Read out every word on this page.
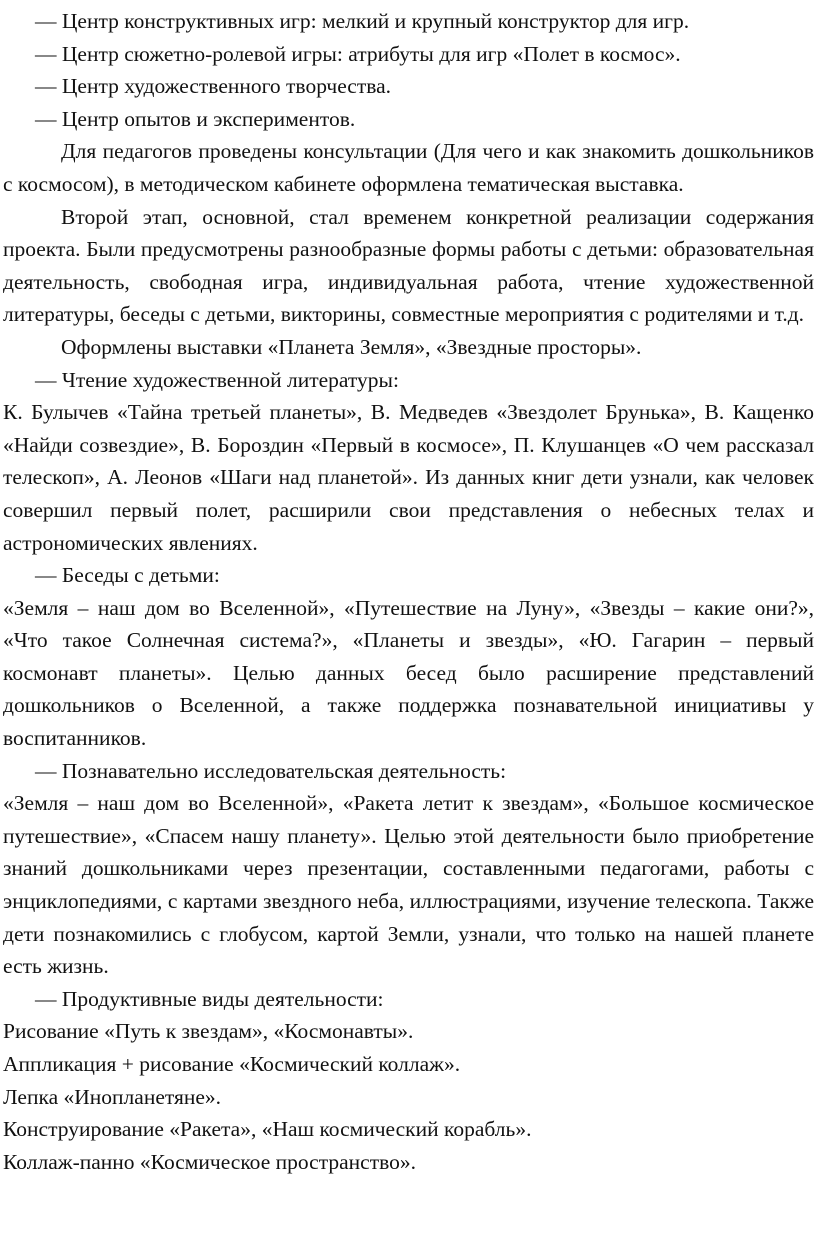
— Центр конструктивных игр: мелкий и крупный конструктор для игр.

— Центр сюжетно-ролевой игры: атрибуты для игр «Полет в космос».

— Центр художественного творчества.

— Центр опытов и экспериментов.

Для педагогов проведены консультации (Для чего и как знакомить дошкольников с космосом), в методическом кабинете оформлена тематическая выставка.

Второй этап, основной, стал временем конкретной реализации содержания проекта. Были предусмотрены разнообразные формы работы с детьми: образовательная деятельность, свободная игра, индивидуальная работа, чтение художественной литературы, беседы с детьми, викторины, совместные мероприятия с родителями и т.д.

Оформлены выставки «Планета Земля», «Звездные просторы».

— Чтение художественной литературы:

К. Булычев «Тайна третьей планеты», В. Медведев «Звездолет Брунька», В. Кащенко «Найди созвездие», В. Бороздин «Первый в космосе», П. Клушанцев «О чем рассказал телескоп», А. Леонов «Шаги над планетой». Из данных книг дети узнали, как человек совершил первый полет, расширили свои представления о небесных телах и астрономических явлениях.

— Беседы с детьми:

«Земля – наш дом во Вселенной», «Путешествие на Луну», «Звезды – какие они?», «Что такое Солнечная система?», «Планеты и звезды», «Ю. Гагарин – первый космонавт планеты». Целью данных бесед было расширение представлений дошкольников о Вселенной, а также поддержка познавательной инициативы у воспитанников.

— Познавательно исследовательская деятельность:

«Земля – наш дом во Вселенной», «Ракета летит к звездам», «Большое космическое путешествие», «Спасем нашу планету». Целью этой деятельности было приобретение знаний дошкольниками через презентации, составленными педагогами, работы с энциклопедиями, с картами звездного неба, иллюстрациями, изучение телескопа. Также дети познакомились с глобусом, картой Земли, узнали, что только на нашей планете есть жизнь.

— Продуктивные виды деятельности:

Рисование «Путь к звездам», «Космонавты».

Аппликация + рисование «Космический коллаж».

Лепка «Инопланетяне».

Конструирование «Ракета», «Наш космический корабль».

Коллаж-панно «Космическое пространство».
